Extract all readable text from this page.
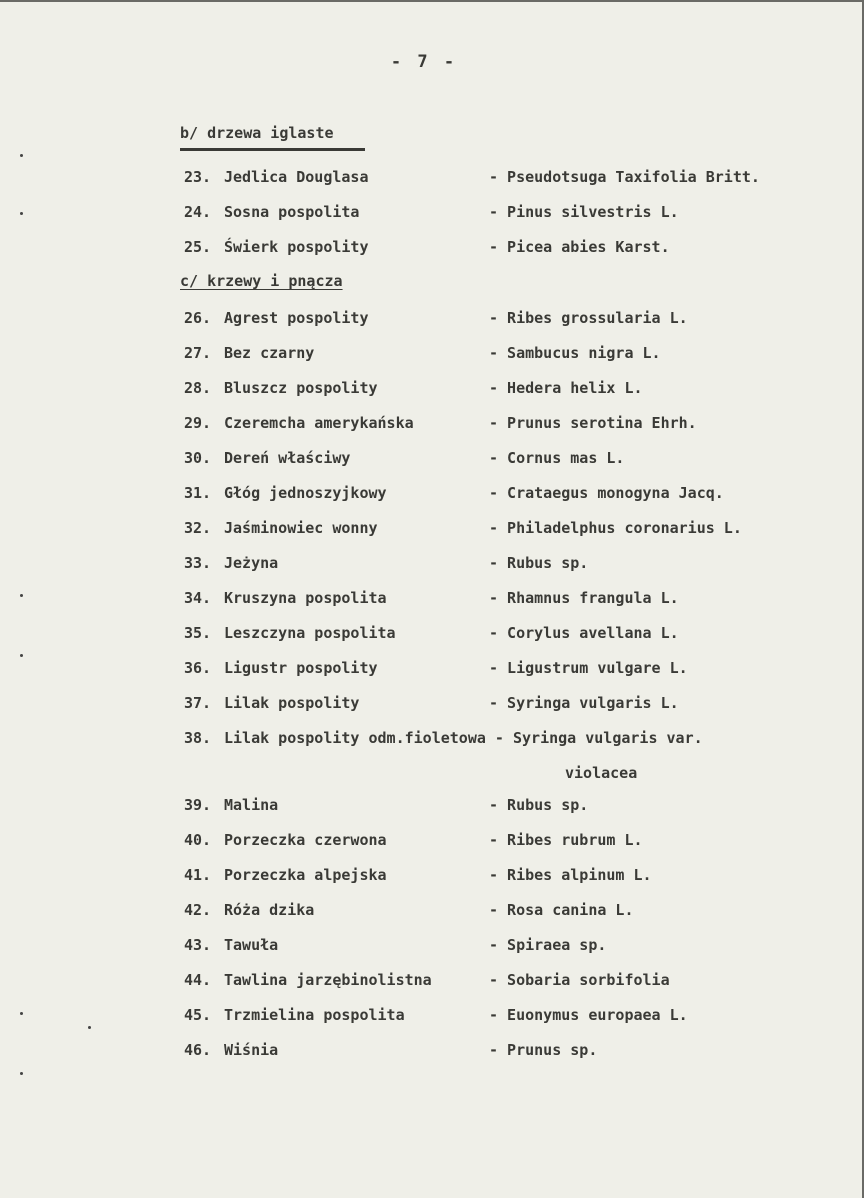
- 7 -
b/ drzewa iglaste
23. Jedlica Douglasa	- Pseudotsuga Taxifolia Britt.
24. Sosna pospolita	- Pinus silvestris L.
25. Świerk pospolity	- Picea abies Karst.
c/ krzewy i pnącza
26. Agrest pospolity	- Ribes grossularia L.
27. Bez czarny	- Sambucus nigra L.
28. Bluszcz pospolity	- Hedera helix L.
29. Czeremcha amerykańska	- Prunus serotina Ehrh.
30. Dereń właściwy	- Cornus mas L.
31. Głóg jednoszyjkowy	- Crataegus monogyna Jacq.
32. Jaśminowiec wonny	- Philadelphus coronarius L.
33. Jeżyna	- Rubus sp.
34. Kruszyna pospolita	- Rhamnus frangula L.
35. Leszczyna pospolita	- Corylus avellana L.
36. Ligustr pospolity	- Ligustrum vulgare L.
37. Lilak pospolity	- Syringa vulgaris L.
38. Lilak pospolity odm.fioletowa - Syringa vulgaris var.
violacea
39. Malina	- Rubus sp.
40. Porzeczka czerwona	- Ribes rubrum L.
41. Porzeczka alpejska	- Ribes alpinum L.
42. Róża dzika	- Rosa canina L.
43. Tawuła	- Spiraea sp.
44. Tawlina jarzębinolistna	- Sobaria sorbifolia
45. Trzmielina pospolita	- Euonymus europaea L.
46. Wiśnia	- Prunus sp.
